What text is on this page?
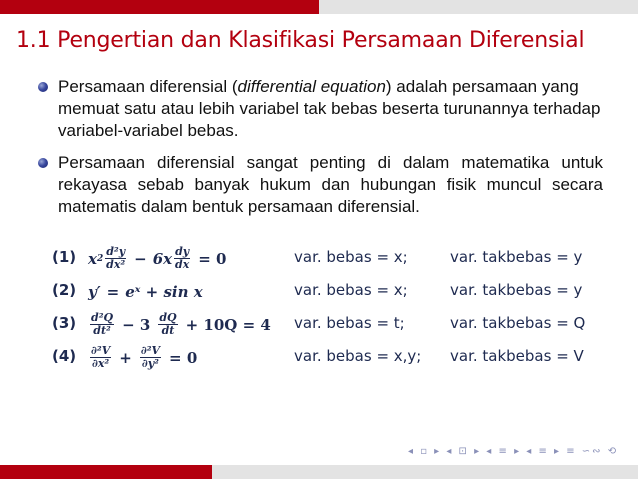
1.1 Pengertian dan Klasifikasi Persamaan Diferensial
Persamaan diferensial (differential equation) adalah persamaan yang memuat satu atau lebih variabel tak bebas beserta turunannya terhadap variabel-variabel bebas.
Persamaan diferensial sangat penting di dalam matematika untuk rekayasa sebab banyak hukum dan hubungan fisik muncul secara matematis dalam bentuk persamaan diferensial.
(1) x $2 \frac{\text{d²y}}{\text{dx²}} - 6x \frac{dy}{dx} = 0$	var. bebas = x;	var. takbebas = y
(2) y′ = eˣ + sin x	var. bebas = x;	var. takbebas = y
$(3) \frac{\text{d²Q}}{\text{dt²}} - 3 \frac{dQ}{dt} + 10Q = 4$ var. bebas = t;	var. takbebas = Q
$(4) \frac{\text{∂²V}}{\text{∂x²}} + \frac{\text{∂²V}}{\text{∂y²}} = 0$	var. bebas = x,y; var. takbebas = V
◂ ▫ ▸ ◂ ⊡ ▸ ◂ ≡ ▸ ◂ ≡ ▸ ≡ ∽∾ ⟲
